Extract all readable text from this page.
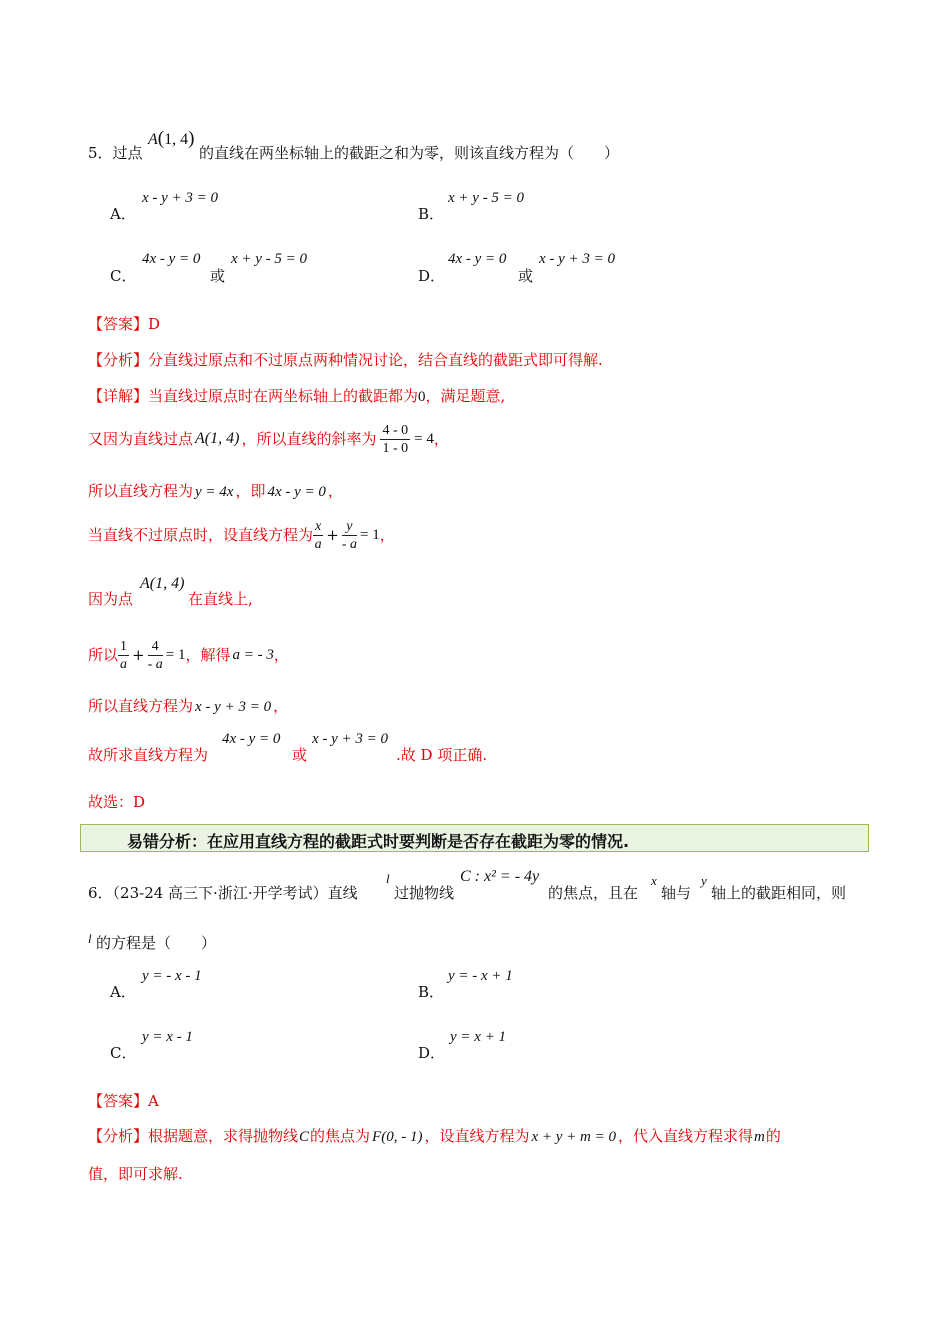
5．过点
A(1, 4)
的直线在两坐标轴上的截距之和为零，则该直线方程为（　　）
x - y + 3 = 0
A．
x + y - 5 = 0
B．
4x - y = 0
或
x + y - 5 = 0
C．
4x - y = 0
或
x - y + 3 = 0
D．
【答案】D
【分析】分直线过原点和不过原点两种情况讨论，结合直线的截距式即可得解.
【详解】当直线过原点时在两坐标轴上的截距都为0，满足题意,
又因为直线过点 A(1, 4) ，所以直线的斜率为 $\frac{4 - 0}{1 - 0} = 4$ ，
所以直线方程为 y = 4x ，即 4x - y = 0 ，
当直线不过原点时，设直线方程为 $\frac{x}{a} + \frac{y}{- a} = 1$ ，
A(1, 4)
因为点	在直线上,
所以 $\frac{1}{a} + \frac{4}{- a} = 1$ ，解得 a = - 3 ，
所以直线方程为 x - y + 3 = 0 ，
故所求直线方程为
4x - y = 0
或
x - y + 3 = 0
.故 D 项正确.
故选：D
易错分析：在应用直线方程的截距式时要判断是否存在截距为零的情况.
6．（23-24 高三下·浙江·开学考试）直线
l
过抛物线
C : x² = - 4y
的焦点，且在
x
轴与
y
轴上的截距相同，则
l 的方程是（　　）
y = - x - 1
A．
y = - x + 1
B．
y = x - 1
C．
y = x + 1
D．
【答案】A
【分析】根据题意，求得抛物线C的焦点为 F(0, - 1) ，设直线方程为 x + y + m = 0 ，代入直线方程求得m的
值，即可求解.
